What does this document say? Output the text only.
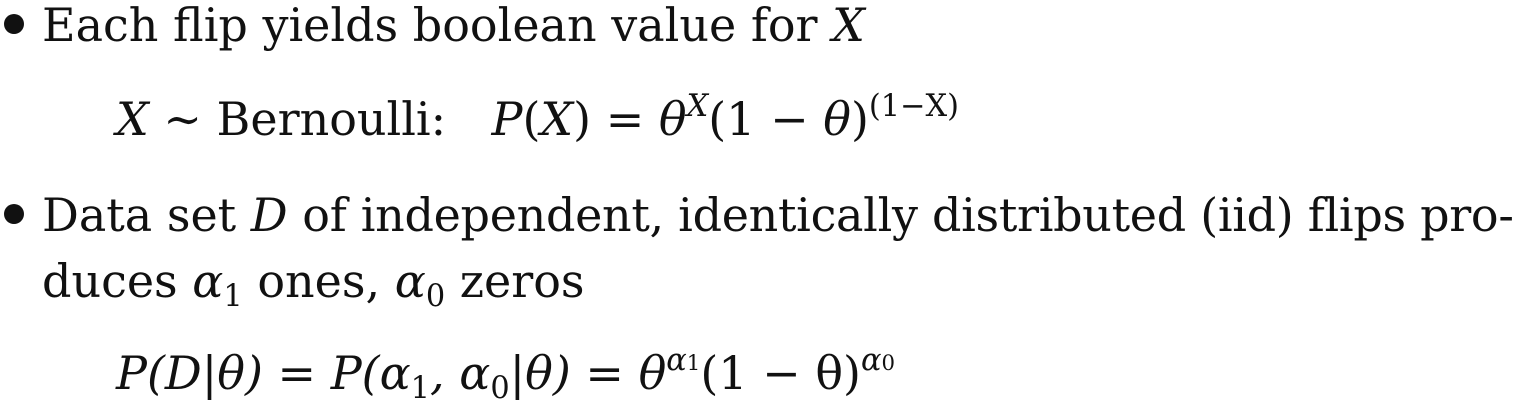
Each flip yields boolean value for X
X ∼ Bernoulli: $P(X) = \theta^X(1 - \theta)^{(1-X)}$
Data set D of independent, identically distributed (iid) flips pro-
duces $\alpha_1$ ones, $\alpha_0$ zeros
$P(D|\theta) = P(\alpha_1$, $\alpha_0|\theta) = \theta^{\alpha 1}(1 - \theta)^{\alpha 0}$
